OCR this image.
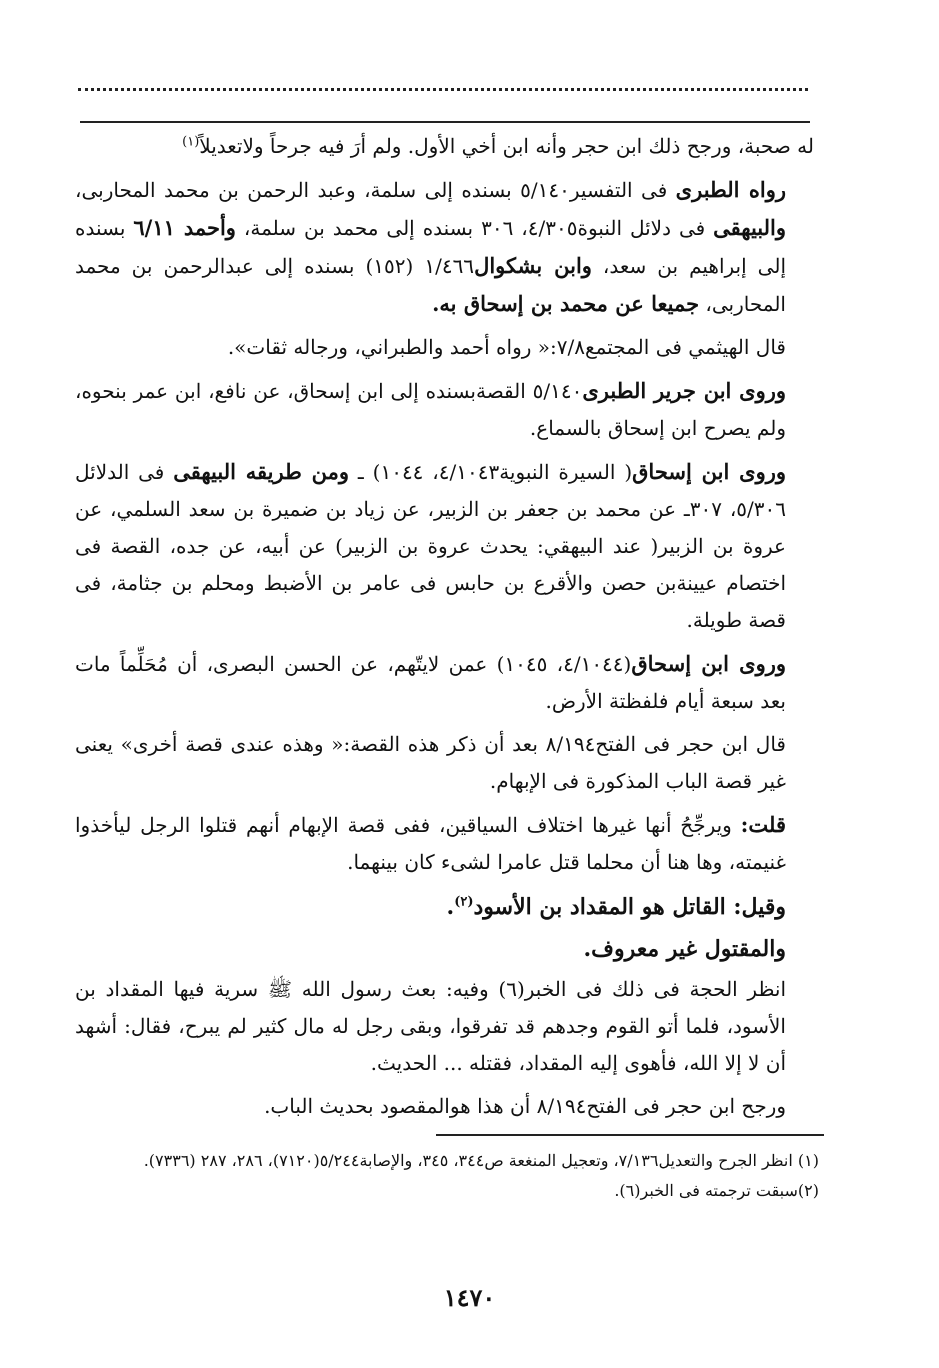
له صحبة، ورجح ذلك ابن حجر وأنه ابن أخي الأول. ولم أرَ فيه جرحاً ولاتعديلاً$^{(١)}$

رواه الطبرى فى التفسير٥/١٤٠ بسنده إلى سلمة، وعبد الرحمن بن محمد المحاربى، والبيهقى فى دلائل النبوة٤/٣٠٥، ٣٠٦ بسنده إلى محمد بن سلمة، وأحمد ٦/١١ بسنده إلى إبراهيم بن سعد، وابن بشكوال١/٤٦٦ (١٥٢) بسنده إلى عبدالرحمن بن محمد المحاربى، جميعا عن محمد بن إسحاق به.

قال الهيثمي فى المجتمع٧/٨:« رواه أحمد والطبراني، ورجاله ثقات».

وروى ابن جرير الطبرى٥/١٤٠ القصةبسنده إلى ابن إسحاق، عن نافع، ابن عمر بنحوه، ولم يصرح ابن إسحاق بالسماع.

وروى ابن إسحاق( السيرة النبوية٤/١٠٤٣، ١٠٤٤) ـ ومن طريقه البيهقى فى الدلائل ٥/٣٠٦، ٣٠٧ـ عن محمد بن جعفر بن الزبير، عن زياد بن ضميرة بن سعد السلمي، عن عروة بن الزبير( عند البيهقي: يحدث عروة بن الزبير) عن أبيه، عن جده، القصة فى اختصام عيينةبن حصن والأقرع بن حابس فى عامر بن الأضبط ومحلم بن جثامة، فى قصة طويلة.

وروى ابن إسحاق(٤/١٠٤٤، ١٠٤٥) عمن لايتّهم، عن الحسن البصرى، أن مُحَلِّماً مات بعد سبعة أيام فلفظتة الأرض.

قال ابن حجر فى الفتح٨/١٩٤ بعد أن ذكر هذه القصة:« وهذه عندى قصة أخرى» يعنى غير قصة الباب المذكورة فى الإبهام.

قلت: ويرجِّحُ أنها غيرها اختلاف السياقين، ففى قصة الإبهام أنهم قتلوا الرجل ليأخذوا غنيمته، وها هنا أن محلما قتل عامرا لشىء كان بينهما.

وقيل: القاتل هو المقداد بن الأسود$^{(٢)}$.
والمقتول غير معروف.

انظر الحجة فى ذلك فى الخبر(٦) وفيه: بعث رسول الله ﷺ سرية فيها المقداد بن الأسود، فلما أتو القوم وجدهم قد تفرقوا، وبقى رجل له مال كثير لم يبرح، فقال: أشهد أن لا إلا الله، فأهوى إليه المقداد، فقتله ... الحديث.

ورجح ابن حجر فى الفتح٨/١٩٤ أن هذا هوالمقصود بحديث الباب.

(١) انظر الجرح والتعديل٧/١٣٦، وتعجيل المنغعة ص٣٤٤، ٣٤٥، والإصابة٥/٢٤٤(٧١٢٠)، ٢٨٦، ٢٨٧ (٧٣٣٦).

(٢)سبقت ترجمته فى الخبر(٦).

١٤٧٠
